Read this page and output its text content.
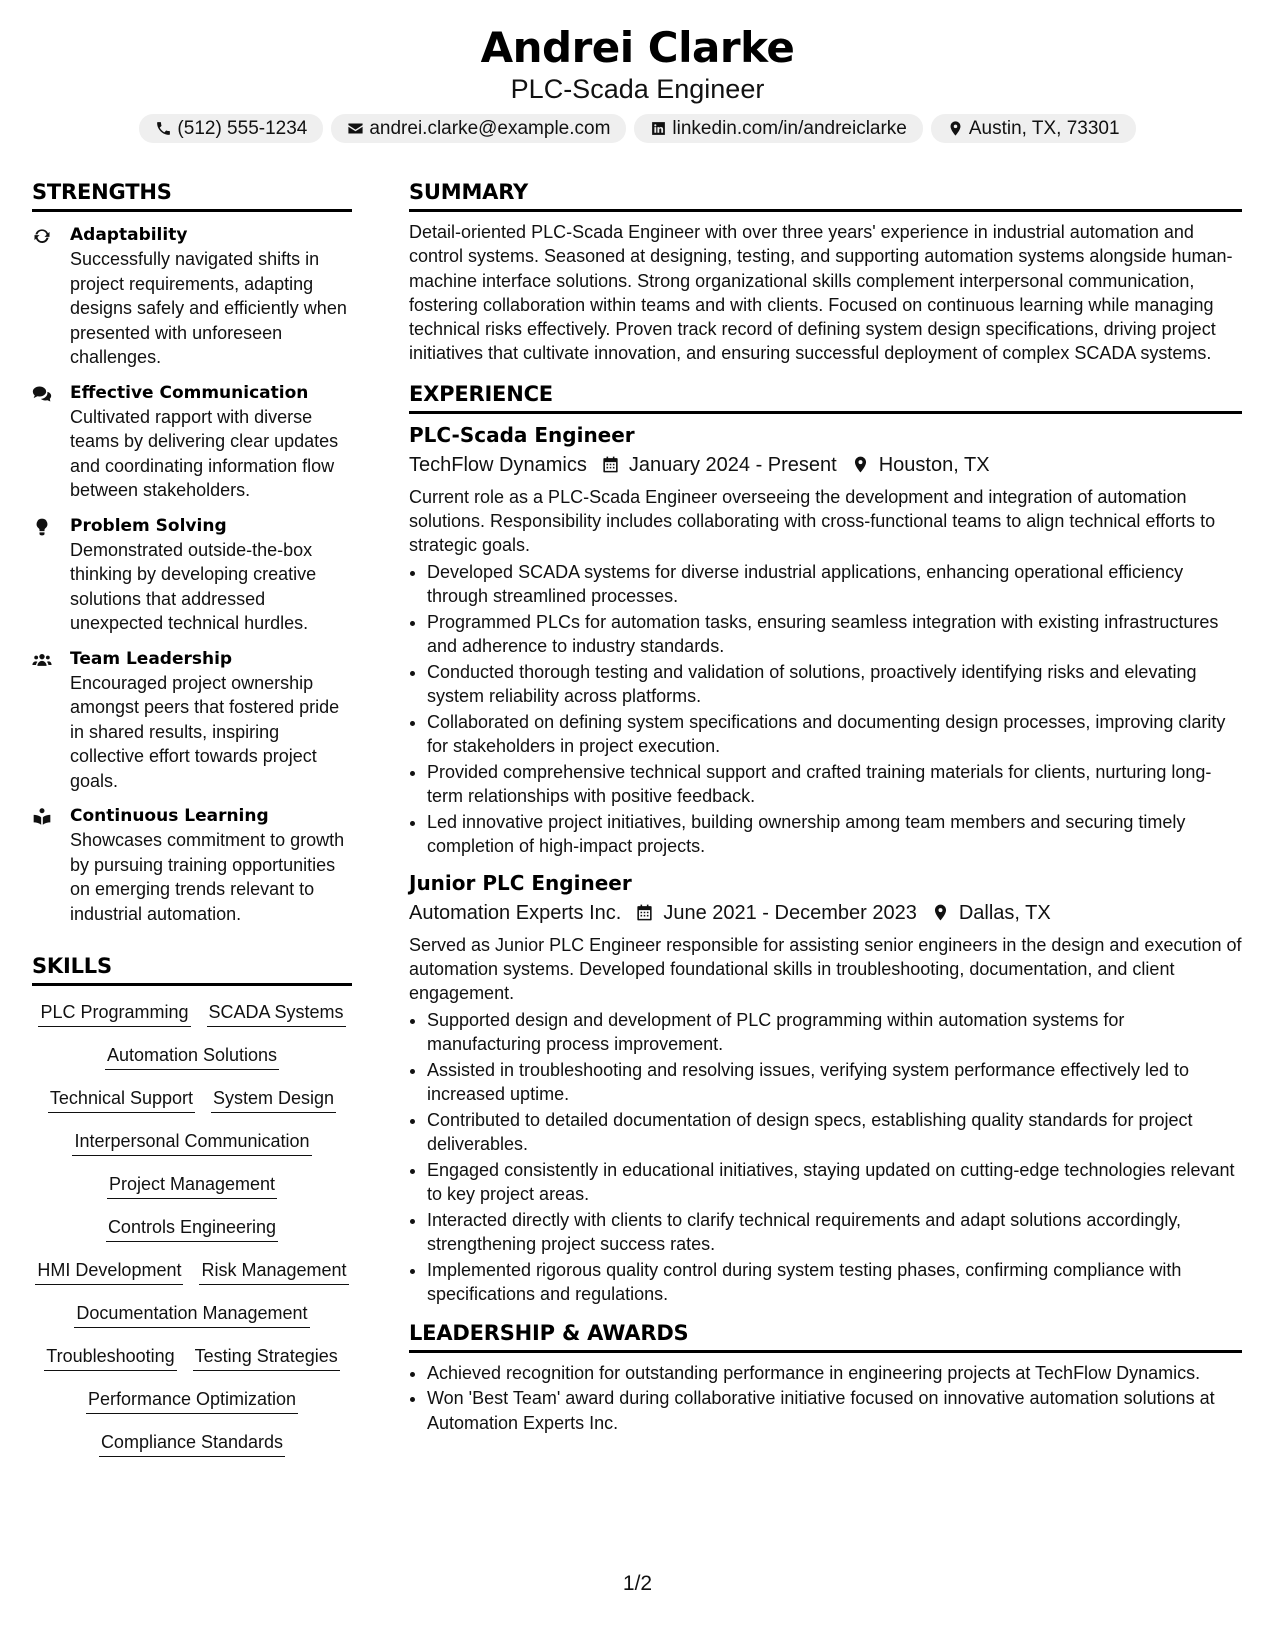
Andrei Clarke
PLC-Scada Engineer
(512) 555-1234	andrei.clarke@example.com	linkedin.com/in/andreiclarke	Austin, TX, 73301
STRENGTHS
Adaptability
Successfully navigated shifts in project requirements, adapting designs safely and efficiently when presented with unforeseen challenges.
Effective Communication
Cultivated rapport with diverse teams by delivering clear updates and coordinating information flow between stakeholders.
Problem Solving
Demonstrated outside-the-box thinking by developing creative solutions that addressed unexpected technical hurdles.
Team Leadership
Encouraged project ownership amongst peers that fostered pride in shared results, inspiring collective effort towards project goals.
Continuous Learning
Showcases commitment to growth by pursuing training opportunities on emerging trends relevant to industrial automation.
SKILLS
PLC Programming SCADA Systems
Automation Solutions
Technical Support System Design
Interpersonal Communication
Project Management
Controls Engineering
HMI Development Risk Management
Documentation Management
Troubleshooting Testing Strategies
Performance Optimization
Compliance Standards
SUMMARY
Detail-oriented PLC-Scada Engineer with over three years' experience in industrial automation and control systems. Seasoned at designing, testing, and supporting automation systems alongside human-machine interface solutions. Strong organizational skills complement interpersonal communication, fostering collaboration within teams and with clients. Focused on continuous learning while managing technical risks effectively. Proven track record of defining system design specifications, driving project initiatives that cultivate innovation, and ensuring successful deployment of complex SCADA systems.
EXPERIENCE
PLC-Scada Engineer
TechFlow Dynamics January 2024 - Present Houston, TX
Current role as a PLC-Scada Engineer overseeing the development and integration of automation solutions. Responsibility includes collaborating with cross-functional teams to align technical efforts to strategic goals.
• Developed SCADA systems for diverse industrial applications, enhancing operational efficiency through streamlined processes.
• Programmed PLCs for automation tasks, ensuring seamless integration with existing infrastructures and adherence to industry standards.
• Conducted thorough testing and validation of solutions, proactively identifying risks and elevating system reliability across platforms.
• Collaborated on defining system specifications and documenting design processes, improving clarity for stakeholders in project execution.
• Provided comprehensive technical support and crafted training materials for clients, nurturing long-term relationships with positive feedback.
• Led innovative project initiatives, building ownership among team members and securing timely completion of high-impact projects.
Junior PLC Engineer
Automation Experts Inc. June 2021 - December 2023 Dallas, TX
Served as Junior PLC Engineer responsible for assisting senior engineers in the design and execution of automation systems. Developed foundational skills in troubleshooting, documentation, and client engagement.
• Supported design and development of PLC programming within automation systems for manufacturing process improvement.
• Assisted in troubleshooting and resolving issues, verifying system performance effectively led to increased uptime.
• Contributed to detailed documentation of design specs, establishing quality standards for project deliverables.
• Engaged consistently in educational initiatives, staying updated on cutting-edge technologies relevant to key project areas.
• Interacted directly with clients to clarify technical requirements and adapt solutions accordingly, strengthening project success rates.
• Implemented rigorous quality control during system testing phases, confirming compliance with specifications and regulations.
LEADERSHIP & AWARDS
• Achieved recognition for outstanding performance in engineering projects at TechFlow Dynamics.
• Won 'Best Team' award during collaborative initiative focused on innovative automation solutions at Automation Experts Inc.
1/2
